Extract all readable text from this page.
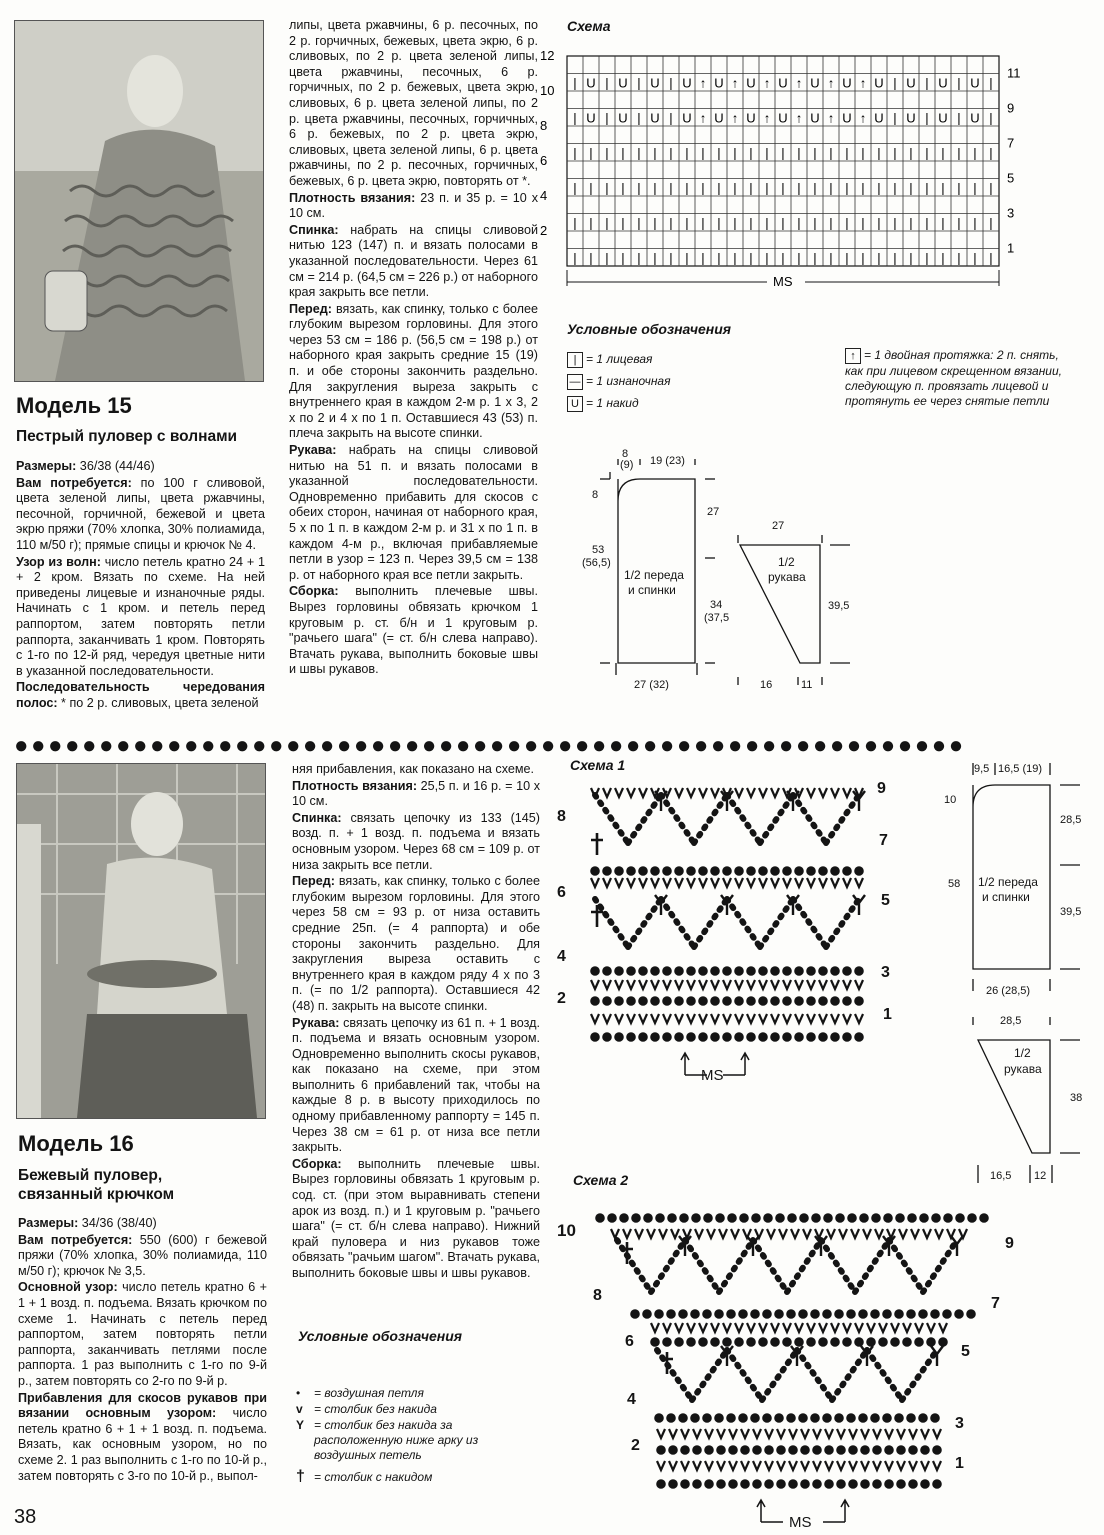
Модель 15
Пестрый пуловер с волнами

Размеры: 36/38 (44/46)

Вам потребуется: по 100 г сливовой, цвета зеленой липы, цвета ржавчины, песочной, горчичной, бежевой и цвета экрю пряжи (70% хлопка, 30% полиамида, 110 м/50 г); прямые спицы и крючок № 4.

Узор из волн: число петель кратно 24 + 1 + 2 кром. Вязать по схеме. На ней приведены лицевые и изнаночные ряды. Начинать с 1 кром. и петель перед раппортом, затем повторять петли раппорта, заканчивать 1 кром. Повторять с 1-го по 12-й ряд, чередуя цветные нити в указанной последовательности.

Последовательность чередования полос: * по 2 р. сливовых, цвета зеленой

липы, цвета ржавчины, 6 р. песочных, по 2 р. горчичных, бежевых, цвета экрю, 6 р. сливовых, по 2 р. цвета зеленой липы, цвета ржавчины, песочных, 6 р. горчичных, по 2 р. бежевых, цвета экрю, сливовых, 6 р. цвета зеленой липы, по 2 р. цвета ржавчины, песочных, горчичных, 6 р. бежевых, по 2 р. цвета экрю, сливовых, цвета зеленой липы, 6 р. цвета ржавчины, по 2 р. песочных, горчичных, бежевых, 6 р. цвета экрю, повторять от *.

Плотность вязания: 23 п. и 35 р. = 10 х 10 см.

Спинка: набрать на спицы сливовой нитью 123 (147) п. и вязать полосами в указанной последовательности. Через 61 см = 214 р. (64,5 см = 226 р.) от наборного края закрыть все петли.

Перед: вязать, как спинку, только с более глубоким вырезом горловины. Для этого через 53 см = 186 р. (56,5 см = 198 р.) от наборного края закрыть средние 15 (19) п. и обе стороны закончить раздельно. Для закругления выреза закрыть с внутреннего края в каждом 2-м р. 1 х 3, 2 х по 2 и 4 х по 1 п. Оставшиеся 43 (53) п. плеча закрыть на высоте спинки.

Рукава: набрать на спицы сливовой нитью на 51 п. и вязать полосами в указанной последовательности. Одновременно прибавить для скосов с обеих сторон, начиная от наборного края, 5 х по 1 п. в каждом 2-м р. и 31 х по 1 п. в каждом 4-м р., включая прибавляемые петли в узор = 123 п. Через 39,5 см = 138 р. от наборного края все петли закрыть.

Сборка: выполнить плечевые швы. Вырез горловины обвязать крючком 1 круговым р. ст. б/н и 1 круговым р. "рачьего шага" (= ст. б/н слева направо). Втачать рукава, выполнить боковые швы и швы рукавов.

Схема
| U | U | U | U ↑ U ↑ U ↑ U ↑ U ↑ U ↑ U | U | U | U |
| U | U | U | U ↑ U ↑ U ↑ U ↑ U ↑ U ↑ U | U | U | U |
| | | | | | | | | | | | | | | | | | | | | | | | | | |
| | | | | | | | | | | | | | | | | | | | | | | | | | |
| | | | | | | | | | | | | | | | | | | | | | | | | | |
| | | | | | | | | | | | | | | | | | | | | | | | | | |
12
10
8
6
4
2
11
9
7
5
3
1
MS
Условные обозначения
| = 1 лицевая
— = 1 изнаночная
U = 1 накид
↑ = 1 двойная протяжка: 2 п. снять, как при лицевом скрещенном вязании, следующую п. провязать лицевой и протянуть ее через снятые петли
8
(9) 19 (23)
8
27
53
(56,5)
34
(37,5
1/2 переда
и спинки
27 (32)
27
1/2
рукава
39,5
16	11
●●●●●●●●●●●●●●●●●●●●●●●●●●●●●●●●●●●●●●●●●●●●●●●●●●●●●●●●
Модель 16
Бежевый пуловер,
связанный крючком

Размеры: 34/36 (38/40)

Вам потребуется: 550 (600) г бежевой пряжи (70% хлопка, 30% полиамида, 110 м/50 г); крючок № 3,5.

Основной узор: число петель кратно 6 + 1 + 1 возд. п. подъема. Вязать крючком по схеме 1. Начинать с петель перед раппортом, затем повторять петли раппорта, заканчивать петлями после раппорта. 1 раз выполнить с 1-го по 9-й р., затем повторять со 2-го по 9-й р.

Прибавления для скосов рукавов при вязании основным узором: число петель кратно 6 + 1 + 1 возд. п. подъема. Вязать, как основным узором, но по схеме 2. 1 раз выполнить с 1-го по 10-й р., затем повторять с 3-го по 10-й р., выпол-

няя прибавления, как показано на схеме.

Плотность вязания: 25,5 п. и 16 р. = 10 х 10 см.

Спинка: связать цепочку из 133 (145) возд. п. + 1 возд. п. подъема и вязать основным узором. Через 68 см = 109 р. от низа закрыть все петли.

Перед: вязать, как спинку, только с более глубоким вырезом горловины. Для этого через 58 см = 93 р. от низа оставить средние 25п. (= 4 раппорта) и обе стороны закончить раздельно. Для закругления выреза оставить с внутреннего края в каждом ряду 4 х по 3 п. (= по 1/2 раппорта). Оставшиеся 42 (48) п. закрыть на высоте спинки.

Рукава: связать цепочку из 61 п. + 1 возд. п. подъема и вязать основным узором. Одновременно выполнить скосы рукавов, как показано на схеме, при этом выполнить 6 прибавлений так, чтобы на каждые 8 р. в высоту приходилось по одному прибавленному раппорту = 145 п. Через 38 см = 61 р. от низа все петли закрыть.

Сборка: выполнить плечевые швы. Вырез горловины обвязать 1 круговым р. сод. ст. (при этом выравнивать степени арок из возд. п.) и 1 круговым р. "рачьего шага" (= ст. б/н слева направо). Нижний край пуловера и низ рукавов тоже обвязать "рачьим шагом". Втачать рукава, выполнить боковые швы и швы рукавов.

Условные обозначения
• = воздушная петля
v = столбик без накида
Y = столбик без накида за расположенную ниже арку из воздушных петель
† = столбик с накидом
Схема 1
8
6
4
2
9
7
5
3
1
MS
Схема 2
10
8
6
4
2
9
7
5
3
1
MS
9,5 16,5 (19)
10
28,5
58
39,5
1/2 переда
и спинки
26 (28,5)
28,5
1/2
рукава
38
16,5 12
38
